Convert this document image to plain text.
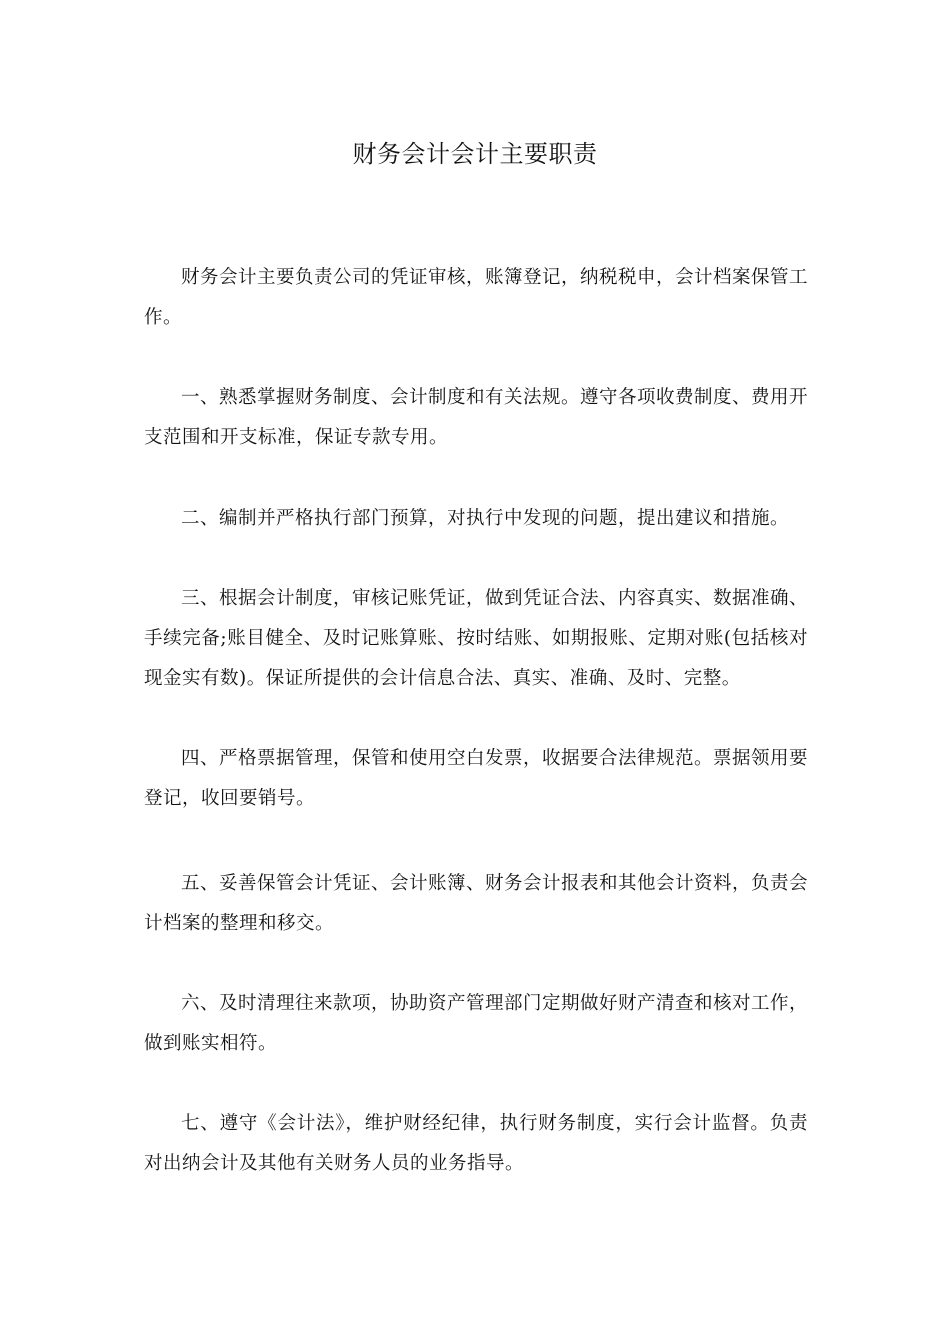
财务会计会计主要职责

财务会计主要负责公司的凭证审核，账簿登记，纳税税申，会计档案保管工作。

一、熟悉掌握财务制度、会计制度和有关法规。遵守各项收费制度、费用开支范围和开支标准，保证专款专用。

二、编制并严格执行部门预算，对执行中发现的问题，提出建议和措施。

三、根据会计制度，审核记账凭证，做到凭证合法、内容真实、数据准确、手续完备;账目健全、及时记账算账、按时结账、如期报账、定期对账(包括核对现金实有数)。保证所提供的会计信息合法、真实、准确、及时、完整。

四、严格票据管理，保管和使用空白发票，收据要合法律规范。票据领用要登记，收回要销号。

五、妥善保管会计凭证、会计账簿、财务会计报表和其他会计资料，负责会计档案的整理和移交。

六、及时清理往来款项，协助资产管理部门定期做好财产清查和核对工作，做到账实相符。

七、遵守《会计法》，维护财经纪律，执行财务制度，实行会计监督。负责对出纳会计及其他有关财务人员的业务指导。
